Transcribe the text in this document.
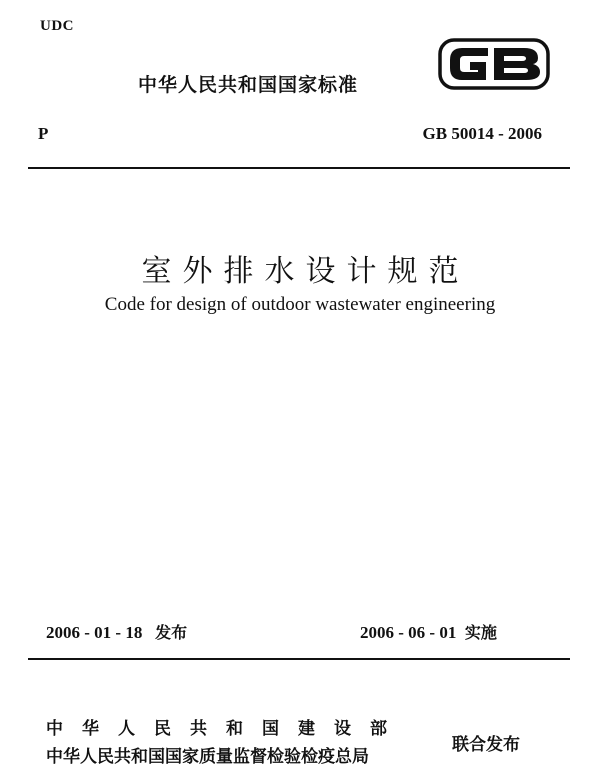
UDC
中华人民共和国国家标准	GB
P	GB 50014 - 2006
室外排水设计规范
Code for design of outdoor wastewater engineering
2006 - 01 - 18 发布	2006 - 06 - 01 实施
中华人民共和国建设部
中华人民共和国国家质量监督检验检疫总局
联合发布
